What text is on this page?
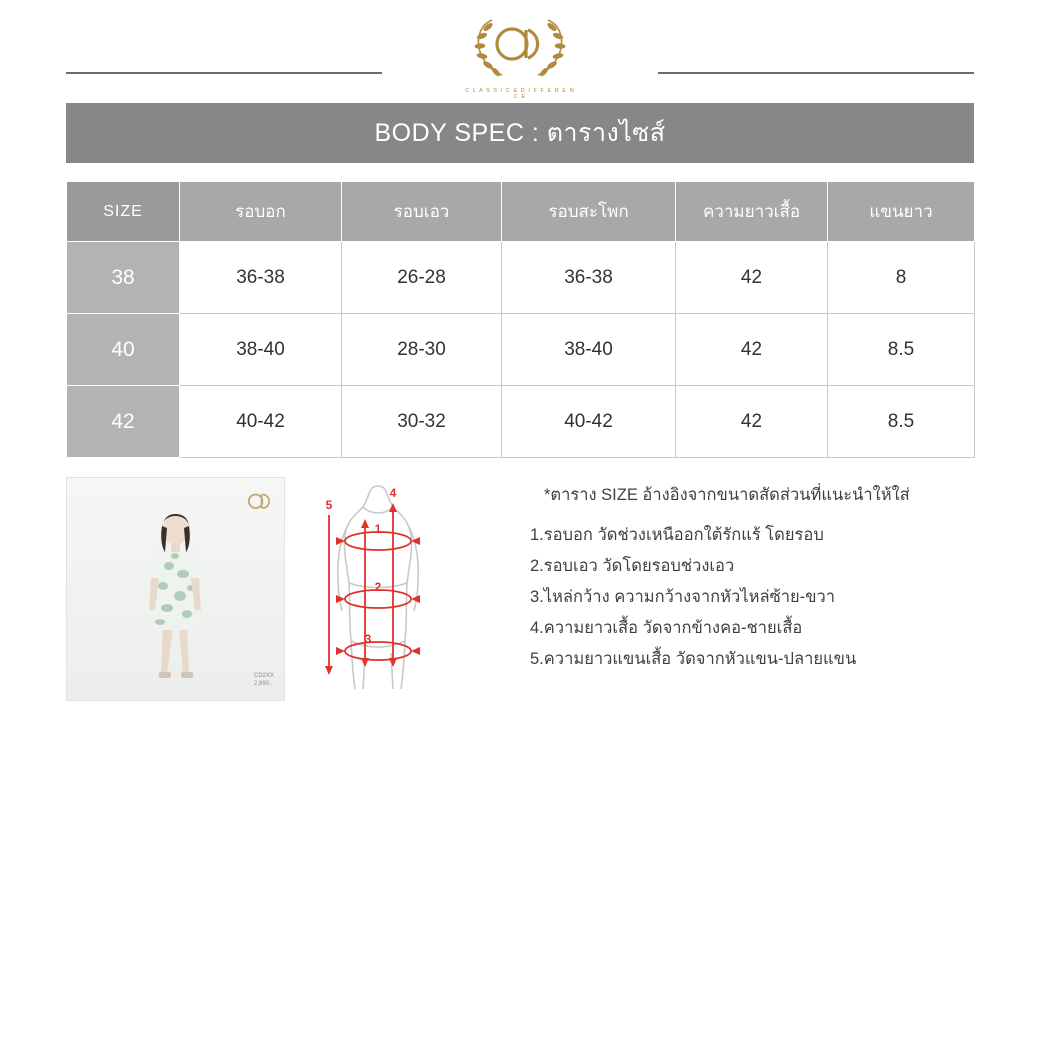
C L A S S I C & D I F F E R E N C E
BODY SPEC : ตารางไซส์
SIZE	รอบอก	รอบเอว	รอบสะโพก	ความยาวเสื้อ	แขนยาว
38	36-38	26-28	36-38	42	8
40	38-40	28-30	38-40	42	8.5
42	40-42	30-32	40-42	42	8.5
CD2XX
2,890.-
1
2
3
4
5
*ตาราง SIZE อ้างอิงจากขนาดสัดส่วนที่แนะนำให้ใส่
1.รอบอก วัดช่วงเหนืออกใต้รักแร้ โดยรอบ
2.รอบเอว วัดโดยรอบช่วงเอว
3.ไหล่กว้าง ความกว้างจากหัวไหล่ซ้าย-ขวา
4.ความยาวเสื้อ วัดจากข้างคอ-ชายเสื้อ
5.ความยาวแขนเสื้อ วัดจากหัวแขน-ปลายแขน
